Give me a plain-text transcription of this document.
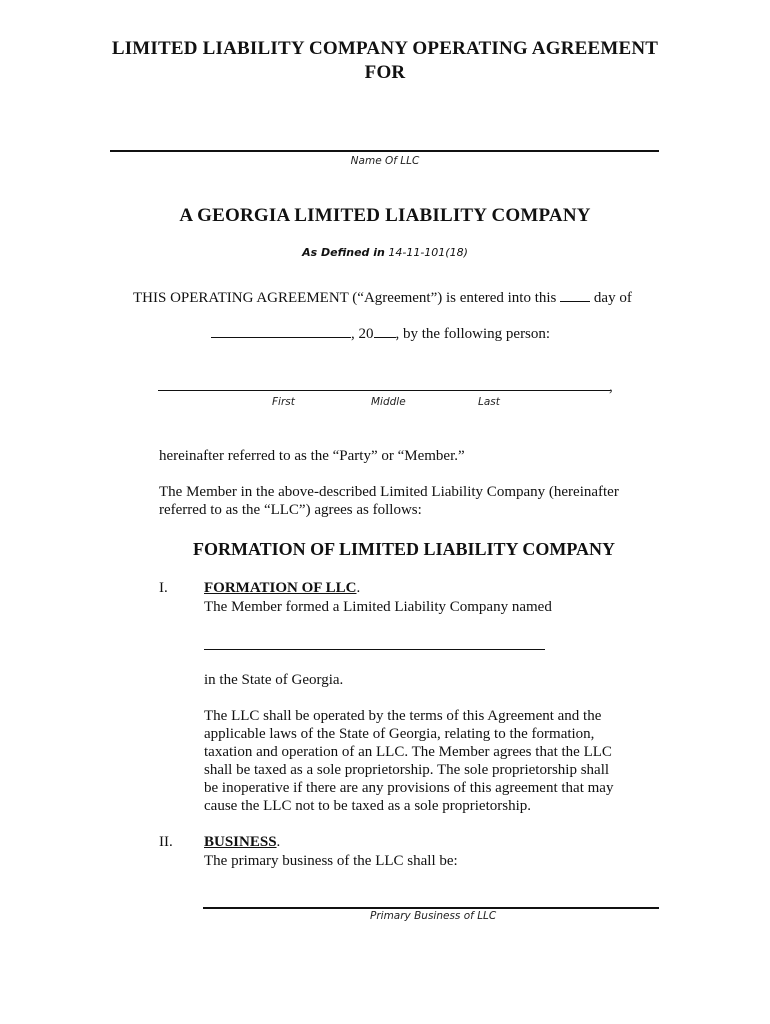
LIMITED LIABILITY COMPANY OPERATING AGREEMENT
FOR
Name Of LLC
A GEORGIA LIMITED LIABILITY COMPANY
As Defined in 14-11-101(18)
THIS OPERATING AGREEMENT (“Agreement”) is entered into this	day of
, 20 , by the following person:
,
First	Middle	Last
hereinafter referred to as the “Party” or “Member.”
The Member in the above-described Limited Liability Company (hereinafter
referred to as the “LLC”) agrees as follows:
FORMATION OF LIMITED LIABILITY COMPANY
I. FORMATION OF LLC.
The Member formed a Limited Liability Company named
in the State of Georgia.
The LLC shall be operated by the terms of this Agreement and the
applicable laws of the State of Georgia, relating to the formation,
taxation and operation of an LLC. The Member agrees that the LLC
shall be taxed as a sole proprietorship. The sole proprietorship shall
be inoperative if there are any provisions of this agreement that may
cause the LLC not to be taxed as a sole proprietorship.
II. BUSINESS.
The primary business of the LLC shall be:
Primary Business of LLC
